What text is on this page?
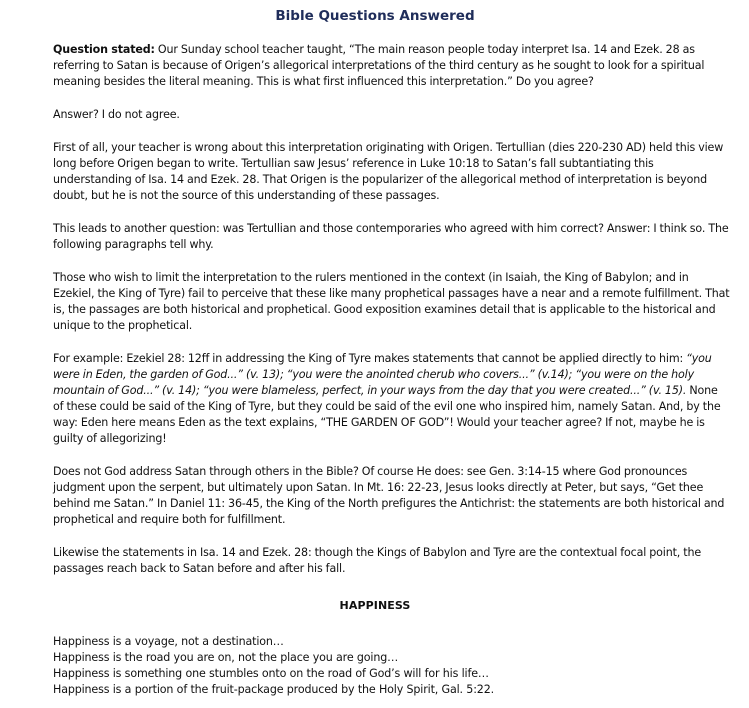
Bible Questions Answered

Question stated: Our Sunday school teacher taught, “The main reason people today interpret Isa. 14 and Ezek. 28 as referring to Satan is because of Origen’s allegorical interpretations of the third century as he sought to look for a spiritual meaning besides the literal meaning. This is what first influenced this interpretation.” Do you agree?

Answer? I do not agree.

First of all, your teacher is wrong about this interpretation originating with Origen. Tertullian (dies 220-230 AD) held this view long before Origen began to write. Tertullian saw Jesus’ reference in Luke 10:18 to Satan’s fall subtantiating this understanding of Isa. 14 and Ezek. 28. That Origen is the popularizer of the allegorical method of interpretation is beyond doubt, but he is not the source of this understanding of these passages.

This leads to another question: was Tertullian and those contemporaries who agreed with him correct? Answer: I think so. The following paragraphs tell why.

Those who wish to limit the interpretation to the rulers mentioned in the context (in Isaiah, the King of Babylon; and in Ezekiel, the King of Tyre) fail to perceive that these like many prophetical passages have a near and a remote fulfillment. That is, the passages are both historical and prophetical. Good exposition examines detail that is applicable to the historical and unique to the prophetical.

For example: Ezekiel 28: 12ff in addressing the King of Tyre makes statements that cannot be applied directly to him: “you were in Eden, the garden of God...” (v. 13); “you were the anointed cherub who covers...” (v.14); “you were on the holy mountain of God...” (v. 14); “you were blameless, perfect, in your ways from the day that you were created...” (v. 15). None of these could be said of the King of Tyre, but they could be said of the evil one who inspired him, namely Satan. And, by the way: Eden here means Eden as the text explains, “THE GARDEN OF GOD”! Would your teacher agree? If not, maybe he is guilty of allegorizing!

Does not God address Satan through others in the Bible? Of course He does: see Gen. 3:14-15 where God pronounces judgment upon the serpent, but ultimately upon Satan. In Mt. 16: 22-23, Jesus looks directly at Peter, but says, “Get thee behind me Satan.” In Daniel 11: 36-45, the King of the North prefigures the Antichrist: the statements are both historical and prophetical and require both for fulfillment.

Likewise the statements in Isa. 14 and Ezek. 28: though the Kings of Babylon and Tyre are the contextual focal point, the passages reach back to Satan before and after his fall.

HAPPINESS
Happiness is a voyage, not a destination…
Happiness is the road you are on, not the place you are going…
Happiness is something one stumbles onto on the road of God’s will for his life…
Happiness is a portion of the fruit-package produced by the Holy Spirit, Gal. 5:22.
